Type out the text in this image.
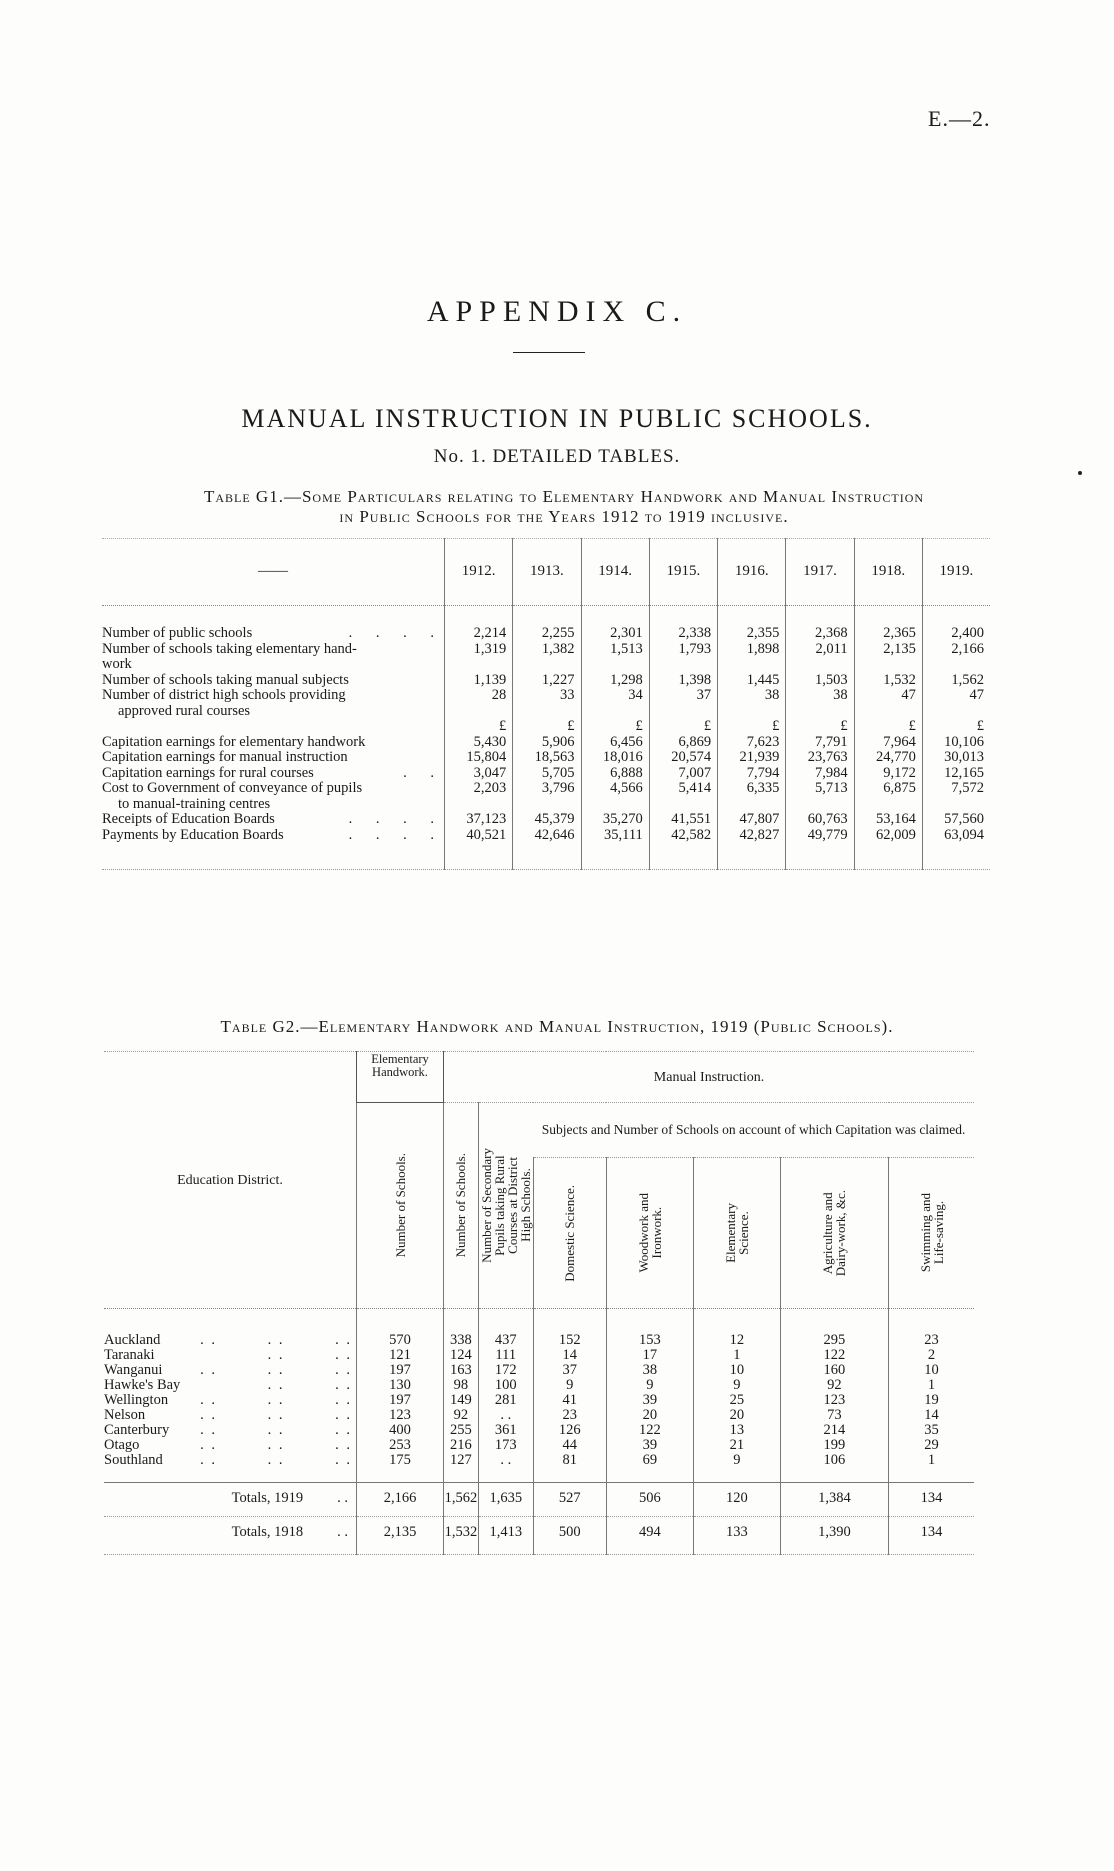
E.—2.
APPENDIX C.
MANUAL INSTRUCTION IN PUBLIC SCHOOLS.
No. 1. DETAILED TABLES.
Table G1.—Some Particulars relating to Elementary Handwork and Manual Instruction
in Public Schools for the Years 1912 to 1919 inclusive.
——	1912.	1913.	1914.	1915.	1916.	1917.	1918.	1919.
Number of public schools . . . .	2,214	2,255	2,301	2,338	2,355	2,368	2,365	2,400
Number of schools taking elementary hand-
work	1,319	1,382	1,513	1,793	1,898	2,011	2,135	2,166
Number of schools taking manual subjects	1,139	1,227	1,298	1,398	1,445	1,503	1,532	1,562
Number of district high schools providing
approved rural courses	28	33	34	37	38	38	47	47
	£	£	£	£	£	£	£	£
Capitation earnings for elementary handwork	5,430	5,906	6,456	6,869	7,623	7,791	7,964	10,106
Capitation earnings for manual instruction	15,804	18,563	18,016	20,574	21,939	23,763	24,770	30,013
Capitation earnings for rural courses . .	3,047	5,705	6,888	7,007	7,794	7,984	9,172	12,165
Cost to Government of conveyance of pupils
to manual-training centres	2,203	3,796	4,566	5,414	6,335	5,713	6,875	7,572
Receipts of Education Boards . . . .	37,123	45,379	35,270	41,551	47,807	60,763	53,164	57,560
Payments by Education Boards . . . .	40,521	42,646	35,111	42,582	42,827	49,779	62,009	63,094
Table G2.—Elementary Handwork and Manual Instruction, 1919 (Public Schools).
Education District.	Elementary Handwork.	Manual Instruction.						

	Number of Schools.	Number of Schools.	Number of Secondary
Pupils taking Rural
Courses at District
High Schools.	Subjects and Number of Schools on account of which Capitation was claimed.				

				Domestic Science.	Woodwork and
Ironwork.	Elementary
Science.	Agriculture and
Dairy-work, &c.	Swimming and
Life-saving.

Auckland . .         . .         . .	570	338	437	152	153	12	295	23
Taranaki . .         . .	121	124	111	14	17	1	122	2
Wanganui . .         . .         . .	197	163	172	37	38	10	160	10
Hawke's Bay . .         . .	130	98	100	9	9	9	92	1
Wellington . .         . .         . .	197	149	281	41	39	25	123	19
Nelson . .         . .         . .	123	92	. .	23	20	20	73	14
Canterbury . .         . .         . .	400	255	361	126	122	13	214	35
Otago . .         . .         . .	253	216	173	44	39	21	199	29
Southland . .         . .         . .	175	127	. .	81	69	9	106	1
Totals, 1919 . .	2,166	1,562	1,635	527	506	120	1,384	134
Totals, 1918 . .	2,135	1,532	1,413	500	494	133	1,390	134
